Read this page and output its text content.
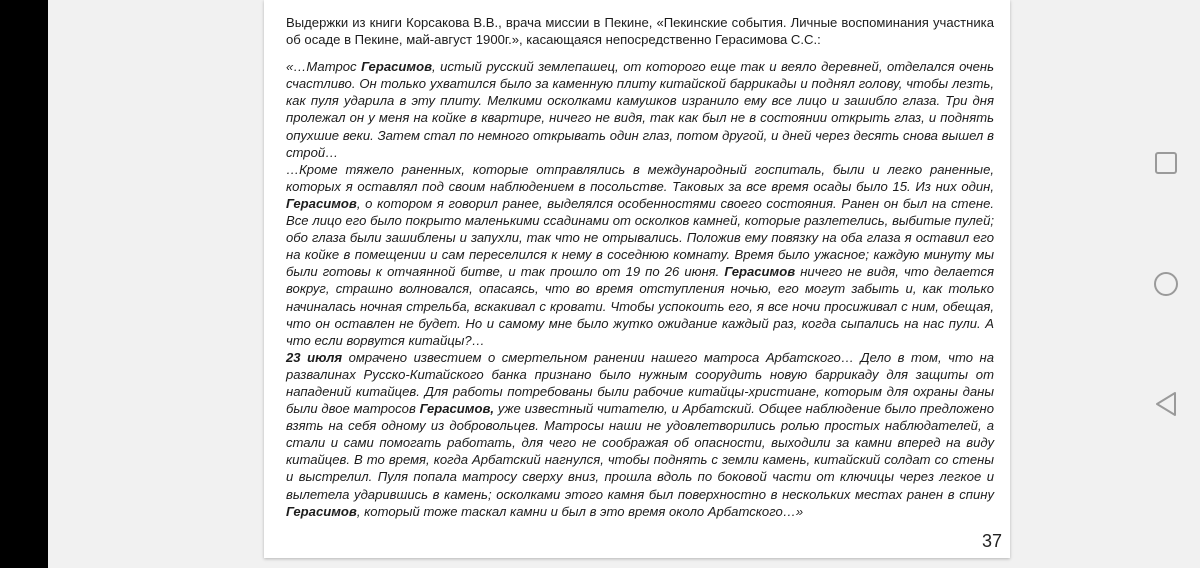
Выдержки из книги Корсакова В.В., врача миссии в Пекине, «Пекинские события. Личные воспоминания участника об осаде в Пекине, май-август 1900г.», касающаяся непосредственно Герасимова С.С.:

«…Матрос Герасимов, истый русский землепашец, от которого еще так и веяло деревней, отделался очень счастливо. Он только ухватился было за каменную плиту китайской баррикады и поднял голову, чтобы лезть, как пуля ударила в эту плиту. Мелкими осколками камушков изранило ему все лицо и зашибло глаза. Три дня пролежал он у меня на койке в квартире, ничего не видя, так как был не в состоянии открыть глаз, и поднять опухшие веки. Затем стал по немного открывать один глаз, потом другой, и дней через десять снова вышел в строй…

…Кроме тяжело раненных, которые отправлялись в международный госпиталь, были и легко раненные, которых я оставлял под своим наблюдением в посольстве. Таковых за все время осады было 15. Из них один, Герасимов, о котором я говорил ранее, выделялся особенностями своего состояния. Ранен он был на стене. Все лицо его было покрыто маленькими ссадинами от осколков камней, которые разлетелись, выбитые пулей; обо глаза были зашиблены и запухли, так что не отрывались. Положив ему повязку на оба глаза я оставил его на койке в помещении и сам переселился к нему в соседнюю комнату. Время было ужасное; каждую минуту мы были готовы к отчаянной битве, и так прошло от 19 по 26 июня. Герасимов ничего не видя, что делается вокруг, страшно волновался, опасаясь, что во время отступления ночью, его могут забыть и, как только начиналась ночная стрельба, вскакивал с кровати. Чтобы успокоить его, я все ночи просиживал с ним, обещая, что он оставлен не будет. Но и самому мне было жутко ожидание каждый раз, когда сыпались на нас пули. А что если ворвутся китайцы?…

23 июля омрачено известием о смертельном ранении нашего матроса Арбатского… Дело в том, что на развалинах Русско-Китайского банка признано было нужным соорудить новую баррикаду для защиты от нападений китайцев. Для работы потребованы были рабочие китайцы-христиане, которым для охраны даны были двое матросов Герасимов, уже известный читателю, и Арбатский. Общее наблюдение было предложено взять на себя одному из добровольцев. Матросы наши не удовлетворились ролью простых наблюдателей, а стали и сами помогать работать, для чего не соображая об опасности, выходили за камни вперед на виду китайцев. В то время, когда Арбатский нагнулся, чтобы поднять с земли камень, китайский солдат со стены и выстрелил. Пуля попала матросу сверху вниз, прошла вдоль по боковой части от ключицы через легкое и вылетела ударившись в камень; осколками этого камня был поверхностно в нескольких местах ранен в спину Герасимов, который тоже таскал камни и был в это время около Арбатского…»

37
